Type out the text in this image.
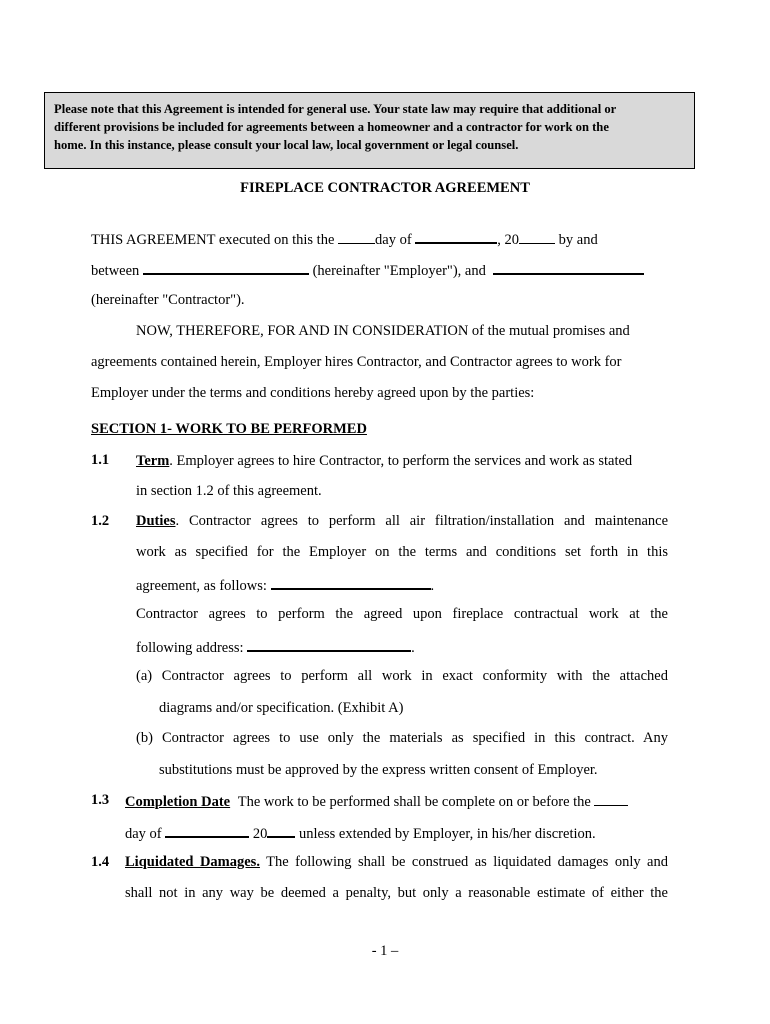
Please note that this Agreement is intended for general use. Your state law may require that additional or
different provisions be included for agreements between a homeowner and a contractor for work on the
home. In this instance, please consult your local law, local government or legal counsel.
FIREPLACE CONTRACTOR AGREEMENT
THIS AGREEMENT executed on this the	day of	, 20	by and
between	(hereinafter "Employer"), and
(hereinafter "Contractor").
NOW, THEREFORE, FOR AND IN CONSIDERATION of the mutual promises and
agreements contained herein, Employer hires Contractor, and Contractor agrees to work for
Employer under the terms and conditions hereby agreed upon by the parties:
SECTION 1- WORK TO BE PERFORMED
1.1 Term. Employer agrees to hire Contractor, to perform the services and work as stated
in section 1.2 of this agreement.
1.2 Duties. Contractor agrees to perform all air filtration/installation and maintenance
work as specified for the Employer on the terms and conditions set forth in this
agreement, as follows:	.
Contractor agrees to perform the agreed upon fireplace contractual work at the
following address:	.
(a) Contractor agrees to perform all work in exact conformity with the attached
diagrams and/or specification. (Exhibit A)
(b) Contractor agrees to use only the materials as specified in this contract. Any
substitutions must be approved by the express written consent of Employer.
1.3 Completion Date The work to be performed shall be complete on or before the
day of	20 unless extended by Employer, in his/her discretion.
1.4 Liquidated Damages. The following shall be construed as liquidated damages only and
shall not in any way be deemed a penalty, but only a reasonable estimate of either the
- 1 –
